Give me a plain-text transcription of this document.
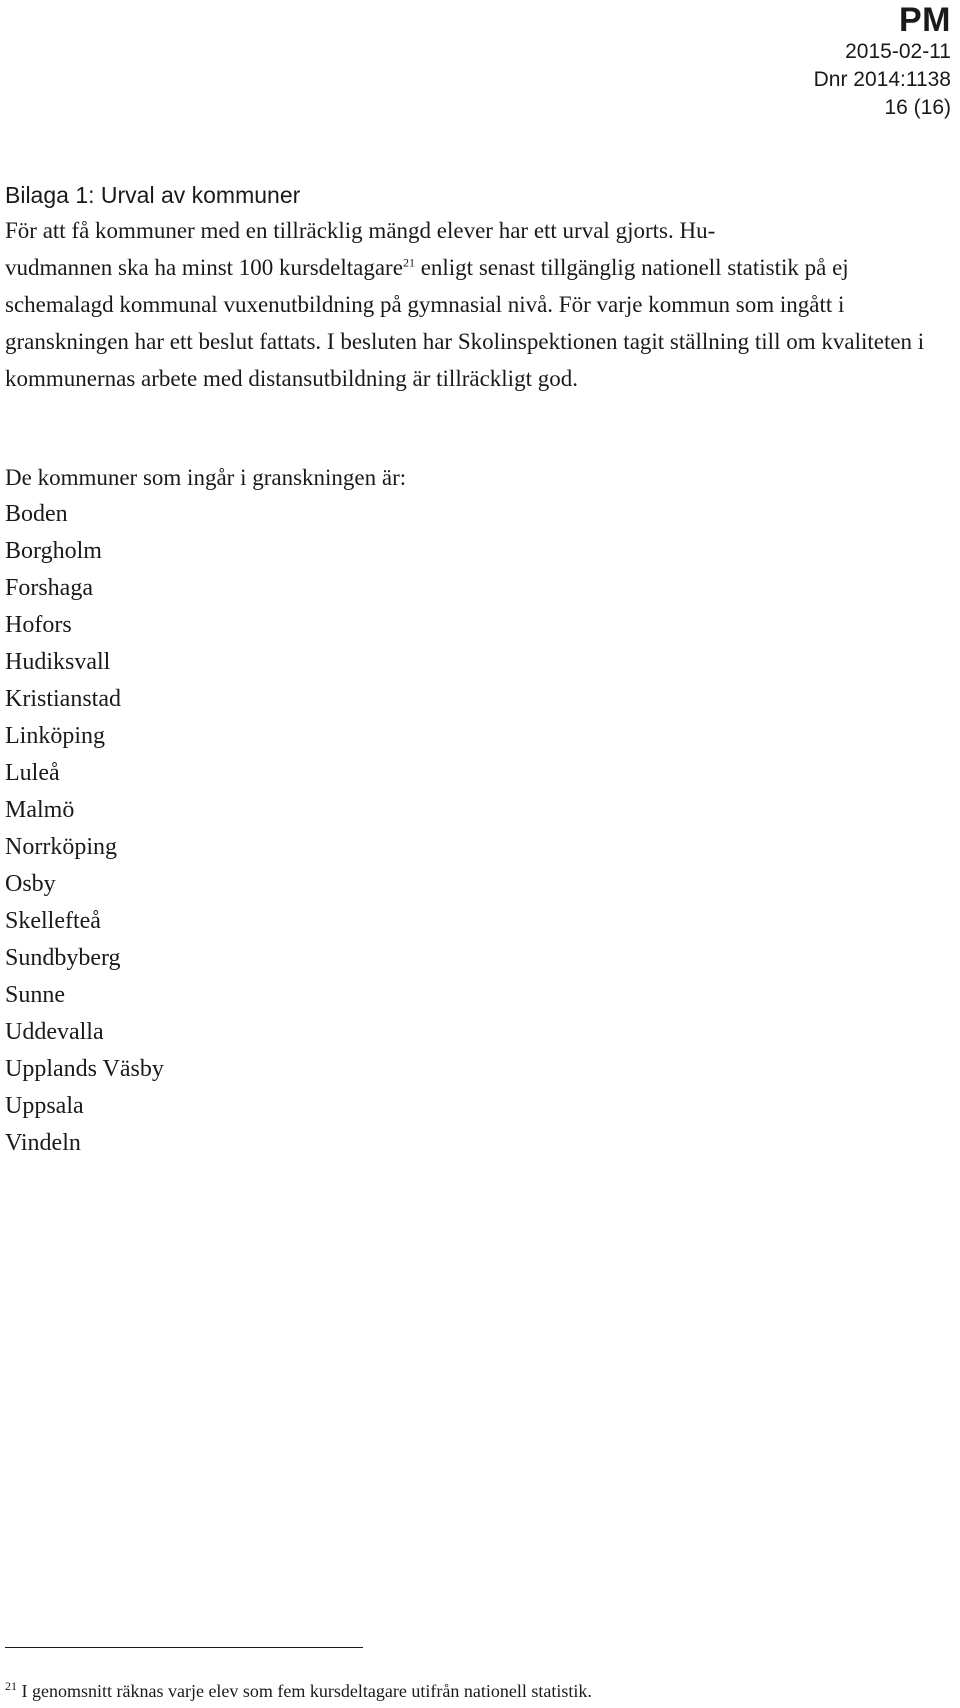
PM
2015-02-11
Dnr 2014:1138
16 (16)
Bilaga 1: Urval av kommuner

För att få kommuner med en tillräcklig mängd elever har ett urval gjorts. Hu-
vudmannen ska ha minst 100 kursdeltagare$^{21}$ enligt senast tillgänglig nationell statistik på ej schemalagd kommunal vuxenutbildning på gymnasial nivå. För varje kommun som ingått i granskningen har ett beslut fattats. I besluten har Skolinspektionen tagit ställning till om kvaliteten i kommunernas arbete med distansutbildning är tillräckligt god.

De kommuner som ingår i granskningen är:

Boden
Borgholm
Forshaga
Hofors
Hudiksvall
Kristianstad
Linköping
Luleå
Malmö
Norrköping
Osby
Skellefteå
Sundbyberg
Sunne
Uddevalla
Upplands Väsby
Uppsala
Vindeln
$^{21}$ I genomsnitt räknas varje elev som fem kursdeltagare utifrån nationell statistik.
